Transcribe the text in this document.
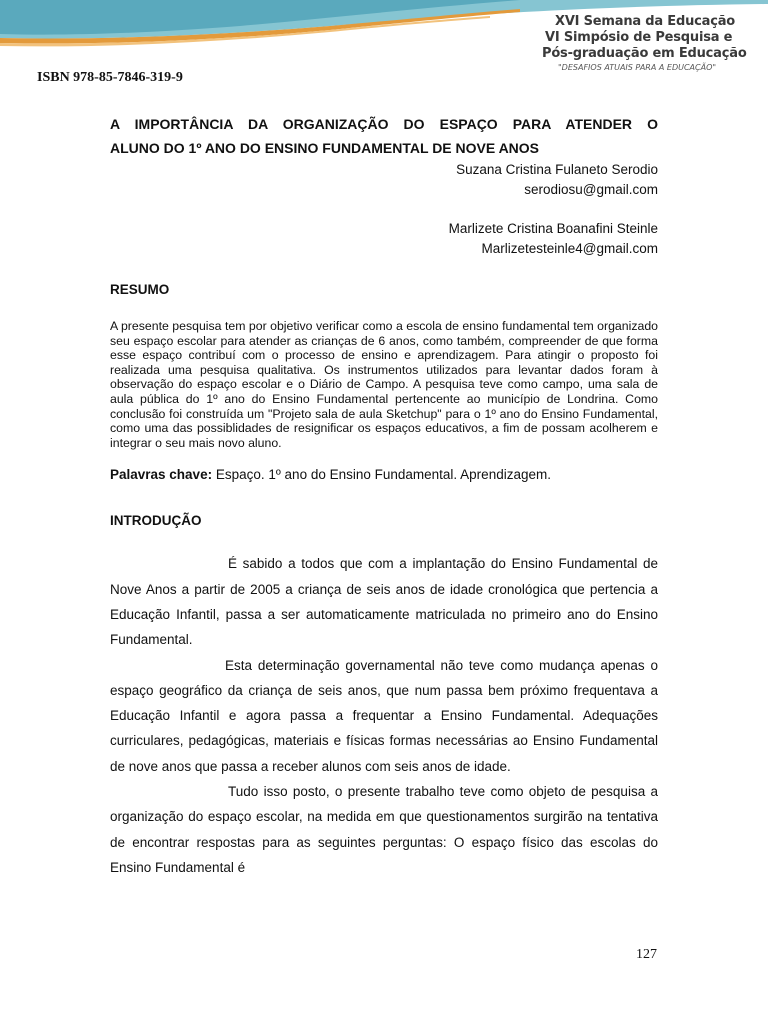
XVI Semana da Educação
VI Simpósio de Pesquisa e
Pós-graduação em Educação
"DESAFIOS ATUAIS PARA A EDUCAÇÃO"
ISBN 978-85-7846-319-9
A IMPORTÂNCIA DA ORGANIZAÇÃO DO ESPAÇO PARA ATENDER O
ALUNO DO 1º ANO DO ENSINO FUNDAMENTAL DE NOVE ANOS
Suzana Cristina Fulaneto Serodio
serodiosu@gmail.com
Marlizete Cristina Boanafini Steinle
Marlizetesteinle4@gmail.com
RESUMO

A presente pesquisa tem por objetivo verificar como a escola de ensino fundamental tem organizado seu espaço escolar para atender as crianças de 6 anos, como também, compreender de que forma esse espaço contribuí com o processo de ensino e aprendizagem. Para atingir o proposto foi realizada uma pesquisa qualitativa. Os instrumentos utilizados para levantar dados foram à observação do espaço escolar e o Diário de Campo. A pesquisa teve como campo, uma sala de aula pública do 1º ano do Ensino Fundamental pertencente ao município de Londrina. Como conclusão foi construída um "Projeto sala de aula Sketchup" para o 1º ano do Ensino Fundamental, como uma das possiblidades de resignificar os espaços educativos, a fim de possam acolherem e integrar o seu mais novo aluno.

Palavras chave: Espaço. 1º ano do Ensino Fundamental. Aprendizagem.

INTRODUÇÃO

É sabido a todos que com a implantação do Ensino Fundamental de Nove Anos a partir de 2005 a criança de seis anos de idade cronológica que pertencia a Educação Infantil, passa a ser automaticamente matriculada no primeiro ano do Ensino Fundamental.

Esta determinação governamental não teve como mudança apenas o espaço geográfico da criança de seis anos, que num passa bem próximo frequentava a Educação Infantil e agora passa a frequentar a Ensino Fundamental. Adequações curriculares, pedagógicas, materiais e físicas formas necessárias ao Ensino Fundamental de nove anos que passa a receber alunos com seis anos de idade.

Tudo isso posto, o presente trabalho teve como objeto de pesquisa a organização do espaço escolar, na medida em que questionamentos surgirão na tentativa de encontrar respostas para as seguintes perguntas: O espaço físico das escolas do Ensino Fundamental é

127
